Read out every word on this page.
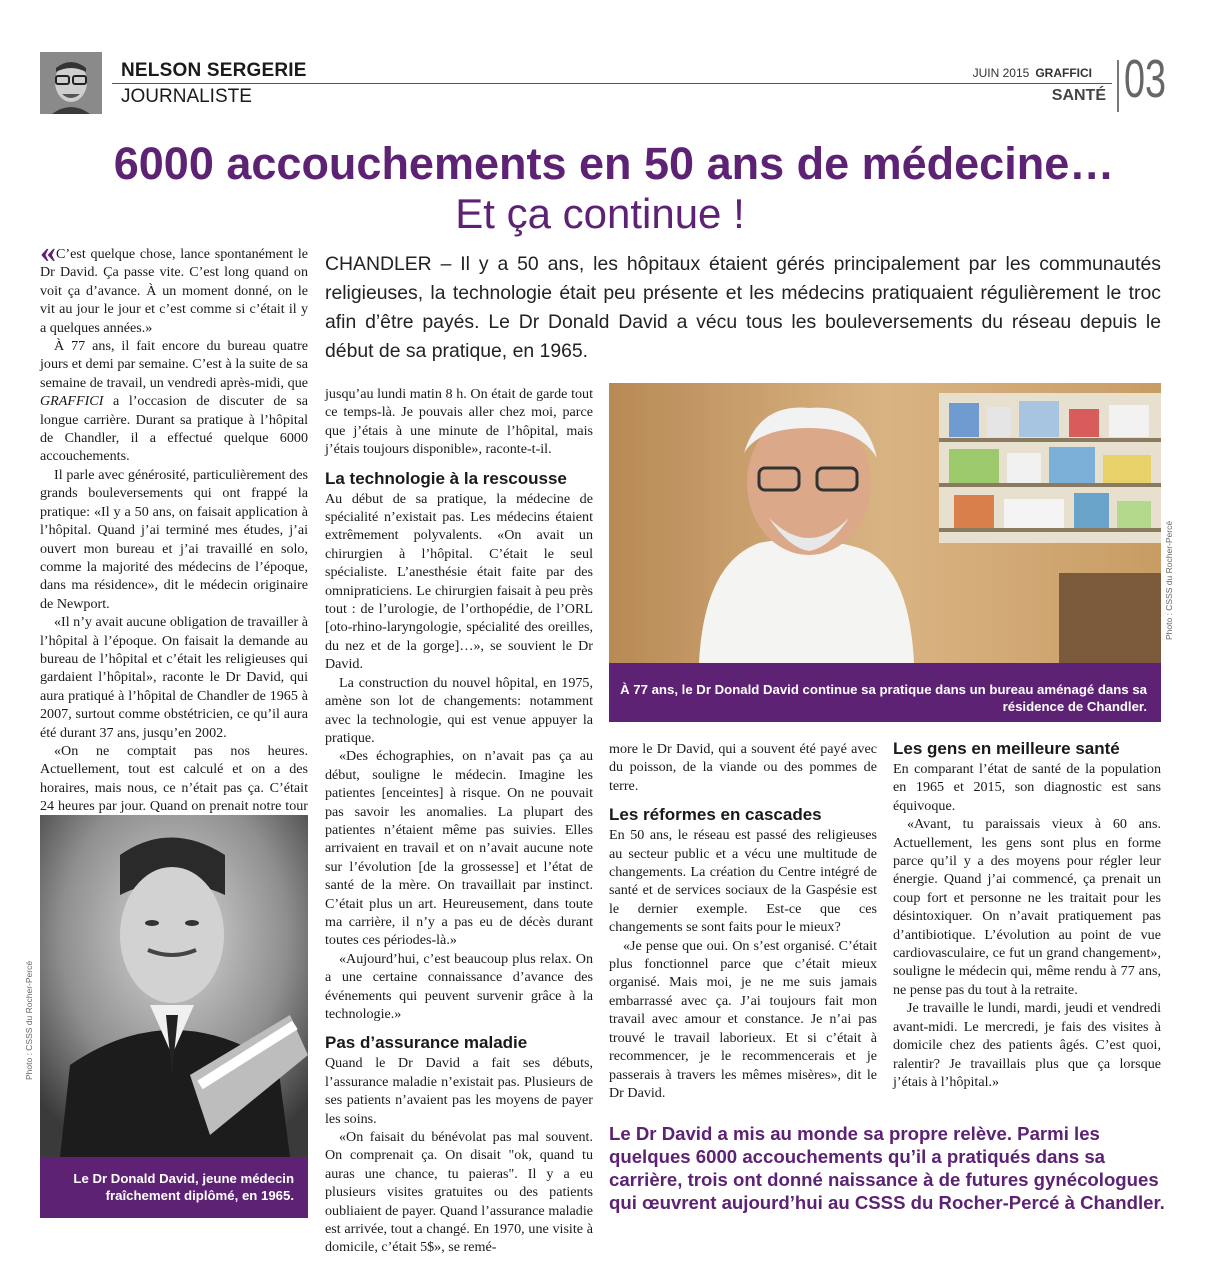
NELSON SERGERIE
JOURNALISTE
JUIN 2015 GRAFFICI
SANTÉ 03
6000 accouchements en 50 ans de médecine…
Et ça continue !
CHANDLER – Il y a 50 ans, les hôpitaux étaient gérés principalement par les communautés religieuses, la technologie était peu présente et les médecins pratiquaient régulièrement le troc afin d’être payés. Le Dr Donald David a vécu tous les bouleversements du réseau depuis le début de sa pratique, en 1965.

«C’est quelque chose, lance spontanément le Dr David. Ça passe vite. C’est long quand on voit ça d’avance. À un moment donné, on le vit au jour le jour et c’est comme si c’était il y a quelques années.»

À 77 ans, il fait encore du bureau quatre jours et demi par semaine. C’est à la suite de sa semaine de travail, un vendredi après-midi, que GRAFFICI a l’occasion de discuter de sa longue carrière. Durant sa pratique à l’hôpital de Chandler, il a effectué quelque 6000 accouchements.

Il parle avec générosité, particulièrement des grands bouleversements qui ont frappé la pratique: «Il y a 50 ans, on faisait application à l’hôpital. Quand j’ai terminé mes études, j’ai ouvert mon bureau et j’ai travaillé en solo, comme la majorité des médecins de l’époque, dans ma résidence», dit le médecin originaire de Newport.

«Il n’y avait aucune obligation de travailler à l’hôpital à l’époque. On faisait la demande au bureau de l’hôpital et c’était les religieuses qui gardaient l’hôpital», raconte le Dr David, qui aura pratiqué à l’hôpital de Chandler de 1965 à 2007, surtout comme obstétricien, ce qu’il aura été durant 37 ans, jusqu’en 2002.

«On ne comptait pas nos heures. Actuellement, tout est calculé et on a des horaires, mais nous, ce n’était pas ça. C’était 24 heures par jour. Quand on prenait notre tour

Le Dr Donald David, jeune médecin fraîchement diplômé, en 1965.
Photo : CSSS du Rocher-Percé

jusqu’au lundi matin 8 h. On était de garde tout ce temps-là. Je pouvais aller chez moi, parce que j’étais à une minute de l’hôpital, mais j’étais toujours disponible», raconte-t-il.

La technologie à la rescousse

Au début de sa pratique, la médecine de spécialité n’existait pas. Les médecins étaient extrêmement polyvalents. «On avait un chirurgien à l’hôpital. C’était le seul spécialiste. L’anesthésie était faite par des omnipraticiens. Le chirurgien faisait à peu près tout : de l’urologie, de l’orthopédie, de l’ORL [oto-rhino-laryngologie, spécialité des oreilles, du nez et de la gorge]…», se souvient le Dr David.

La construction du nouvel hôpital, en 1975, amène son lot de changements: notamment avec la technologie, qui est venue appuyer la pratique.

«Des échographies, on n’avait pas ça au début, souligne le médecin. Imagine les patientes [enceintes] à risque. On ne pouvait pas savoir les anomalies. La plupart des patientes n’étaient même pas suivies. Elles arrivaient en travail et on n’avait aucune note sur l’évolution [de la grossesse] et l’état de santé de la mère. On travaillait par instinct. C’était plus un art. Heureusement, dans toute ma carrière, il n’y a pas eu de décès durant toutes ces périodes-là.»

«Aujourd’hui, c’est beaucoup plus relax. On a une certaine connaissance d’avance des événements qui peuvent survenir grâce à la technologie.»

Pas d’assurance maladie

Quand le Dr David a fait ses débuts, l’assurance maladie n’existait pas. Plusieurs de ses patients n’avaient pas les moyens de payer les soins.

«On faisait du bénévolat pas mal souvent. On comprenait ça. On disait "ok, quand tu auras une chance, tu paieras". Il y a eu plusieurs visites gratuites ou des patients oubliaient de payer. Quand l’assurance maladie est arrivée, tout a changé. En 1970, une visite à domicile, c’était 5$», se remé-

À 77 ans, le Dr Donald David continue sa pratique dans un bureau aménagé dans sa résidence de Chandler.
Photo : CSSS du Rocher-Percé

more le Dr David, qui a souvent été payé avec du poisson, de la viande ou des pommes de terre.

Les réformes en cascades

En 50 ans, le réseau est passé des religieuses au secteur public et a vécu une multitude de changements. La création du Centre intégré de santé et de services sociaux de la Gaspésie est le dernier exemple. Est-ce que ces changements se sont faits pour le mieux?

«Je pense que oui. On s’est organisé. C’était plus fonctionnel parce que c’était mieux organisé. Mais moi, je ne me suis jamais embarrassé avec ça. J’ai toujours fait mon travail avec amour et constance. Je n’ai pas trouvé le travail laborieux. Et si c’était à recommencer, je le recommencerais et je passerais à travers les mêmes misères», dit le Dr David.

Les gens en meilleure santé

En comparant l’état de santé de la population en 1965 et 2015, son diagnostic est sans équivoque.

«Avant, tu paraissais vieux à 60 ans. Actuellement, les gens sont plus en forme parce qu’il y a des moyens pour régler leur énergie. Quand j’ai commencé, ça prenait un coup fort et personne ne les traitait pour les désintoxiquer. On n’avait pratiquement pas d’antibiotique. L’évolution au point de vue cardiovasculaire, ce fut un grand changement», souligne le médecin qui, même rendu à 77 ans, ne pense pas du tout à la retraite.

Je travaille le lundi, mardi, jeudi et vendredi avant-midi. Le mercredi, je fais des visites à domicile chez des patients âgés. C’est quoi, ralentir? Je travaillais plus que ça lorsque j’étais à l’hôpital.»

Le Dr David a mis au monde sa propre relève. Parmi les quelques 6000 accouchements qu’il a pratiqués dans sa carrière, trois ont donné naissance à de futures gynécologues qui œuvrent aujourd’hui au CSSS du Rocher-Percé à Chandler.
